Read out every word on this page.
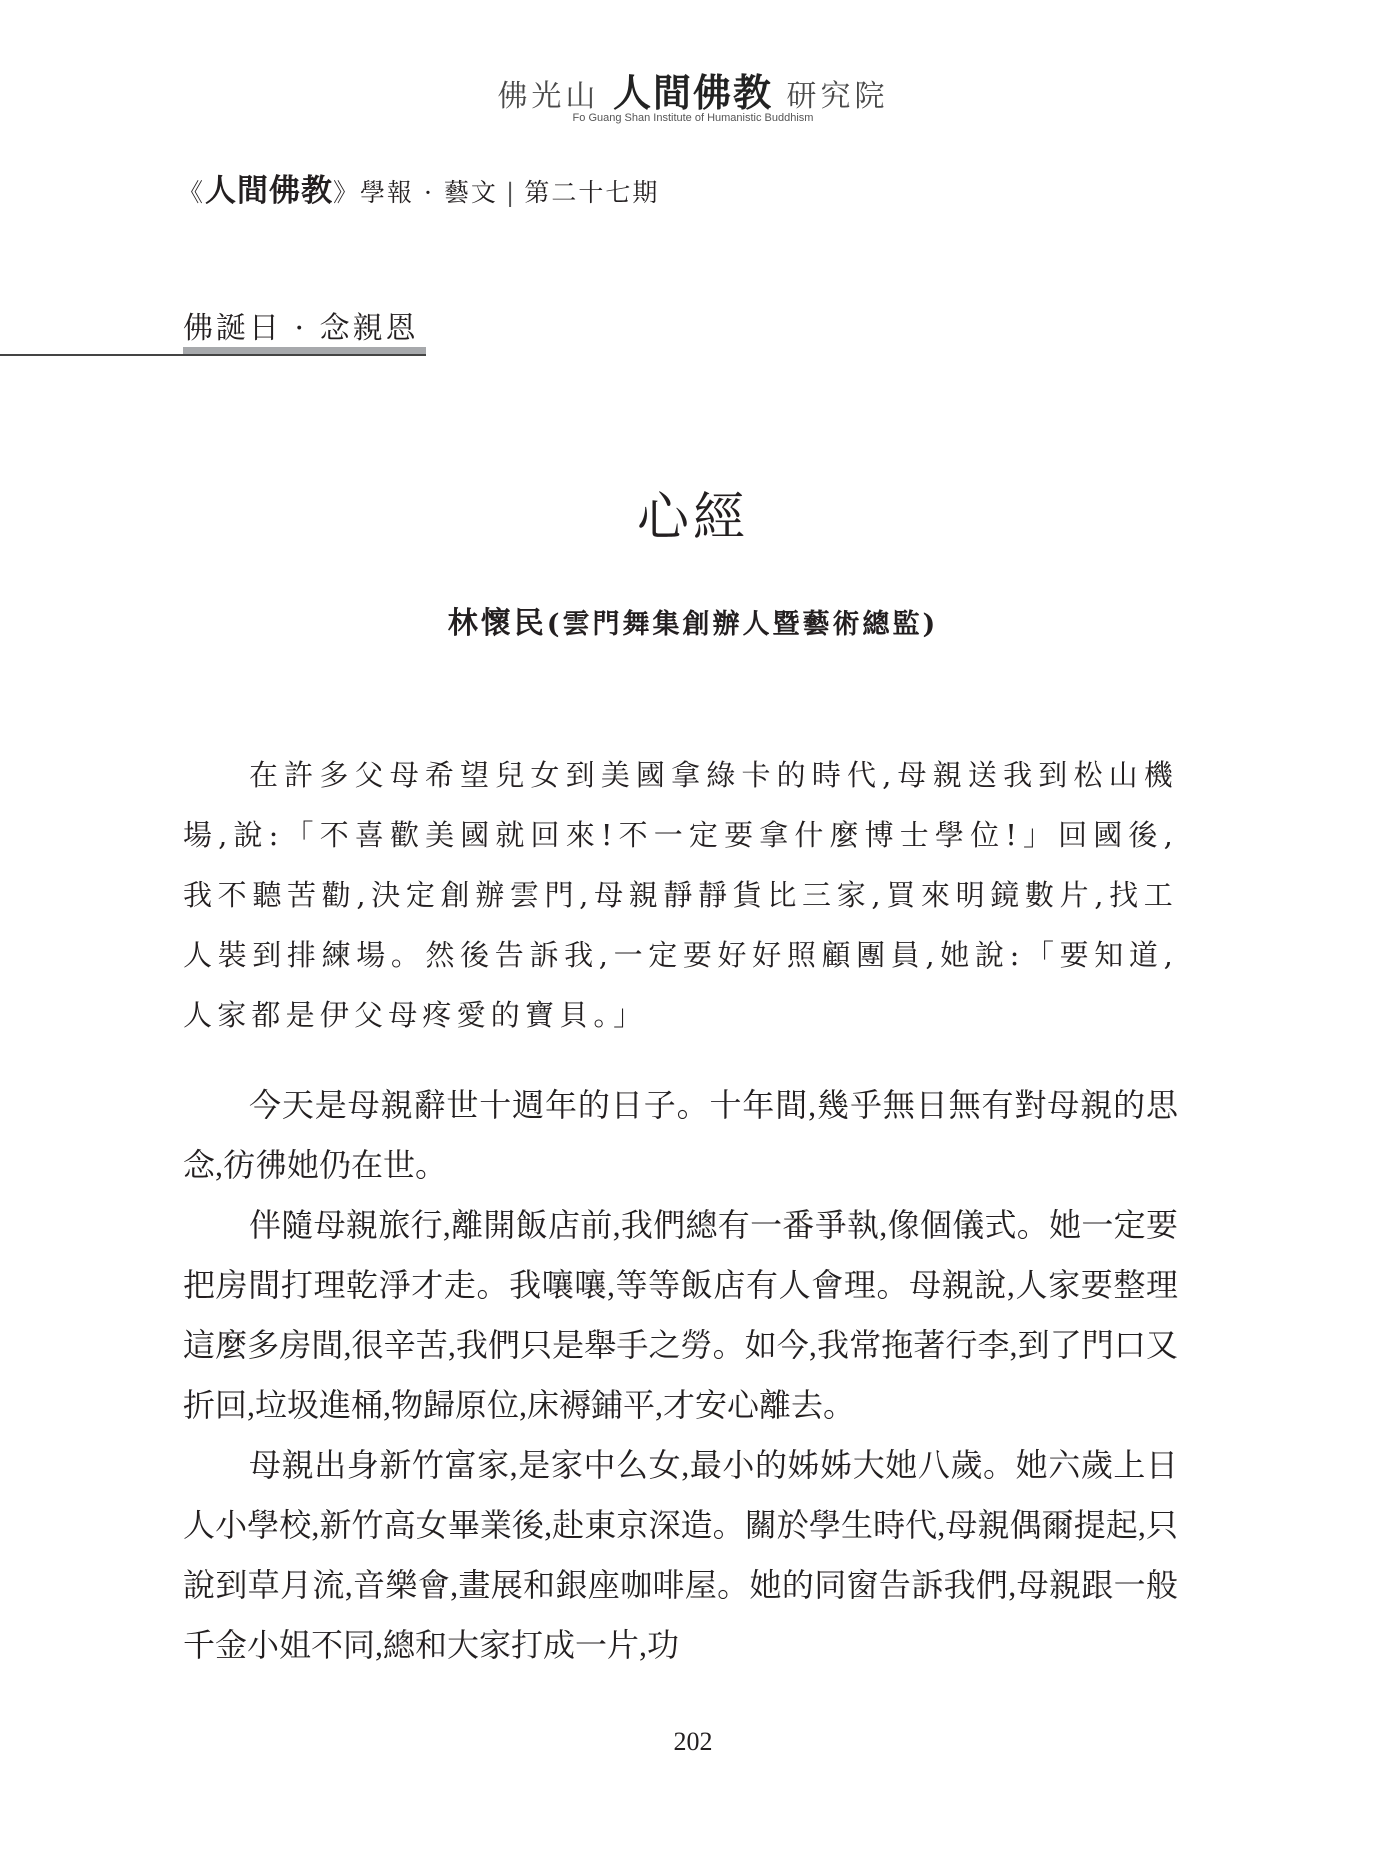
佛光山 人間佛教 研究院
Fo Guang Shan Institute of Humanistic Buddhism
《人間佛教》學報 · 藝文 | 第二十七期
佛誕日 · 念親恩
心經
林懷民(雲門舞集創辦人暨藝術總監)

在許多父母希望兒女到美國拿綠卡的時代,母親送我到松山機場,說:「不喜歡美國就回來!不一定要拿什麼博士學位!」回國後,我不聽苦勸,決定創辦雲門,母親靜靜貨比三家,買來明鏡數片,找工人裝到排練場。然後告訴我,一定要好好照顧團員,她說:「要知道,人家都是伊父母疼愛的寶貝。」

今天是母親辭世十週年的日子。十年間,幾乎無日無有對母親的思念,彷彿她仍在世。

伴隨母親旅行,離開飯店前,我們總有一番爭執,像個儀式。她一定要把房間打理乾淨才走。我嚷嚷,等等飯店有人會理。母親說,人家要整理這麼多房間,很辛苦,我們只是舉手之勞。如今,我常拖著行李,到了門口又折回,垃圾進桶,物歸原位,床褥鋪平,才安心離去。

母親出身新竹富家,是家中么女,最小的姊姊大她八歲。她六歲上日人小學校,新竹高女畢業後,赴東京深造。關於學生時代,母親偶爾提起,只說到草月流,音樂會,畫展和銀座咖啡屋。她的同窗告訴我們,母親跟一般千金小姐不同,總和大家打成一片,功

202
